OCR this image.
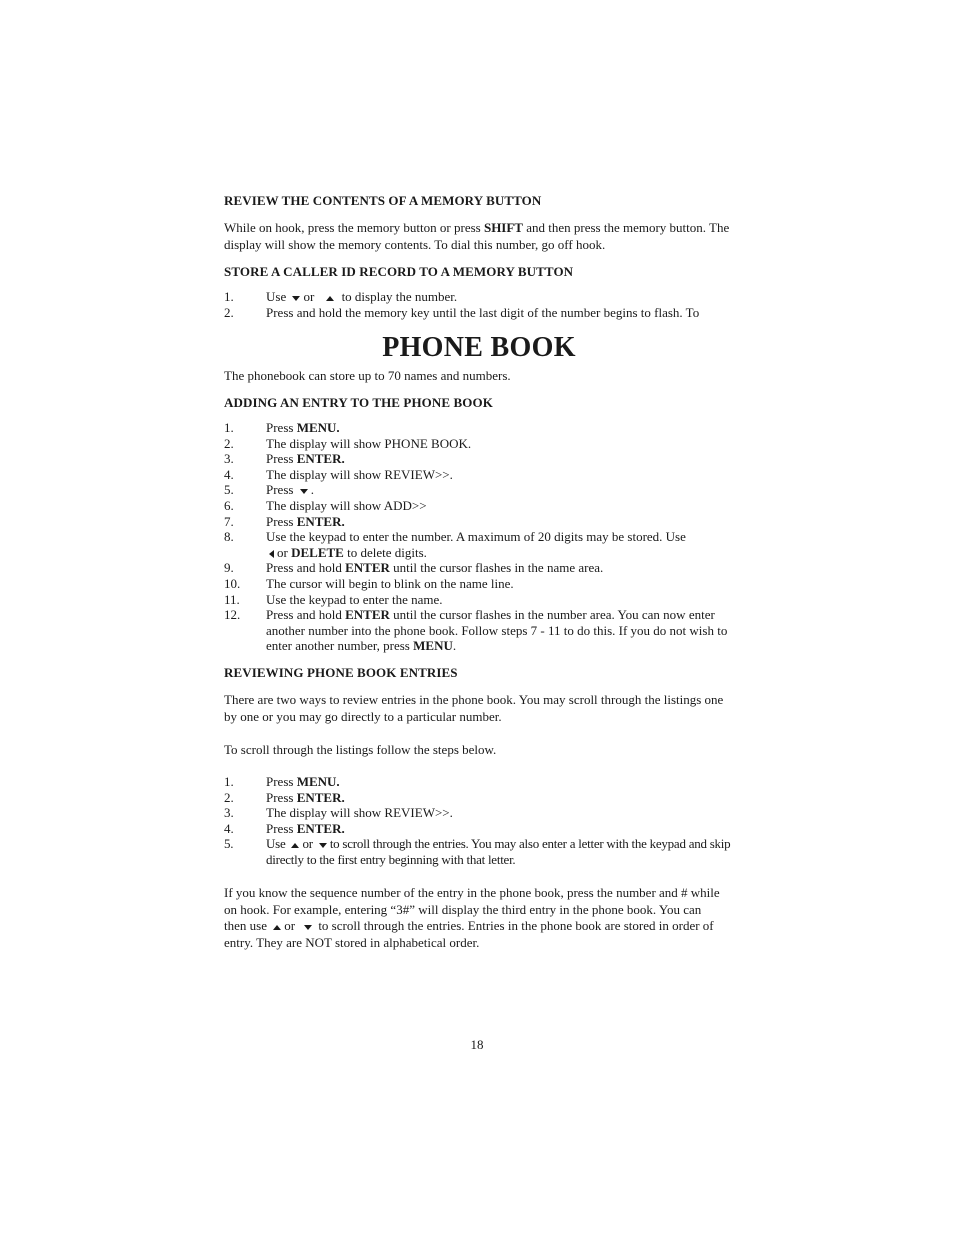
REVIEW THE CONTENTS OF A MEMORY BUTTON
While on hook, press the memory button or press SHIFT and then press the memory button. The display will show the memory contents. To dial this number, go off hook.
STORE A CALLER ID RECORD TO A MEMORY BUTTON
1. Use or to display the number.
2. Press and hold the memory key until the last digit of the number begins to flash. To
PHONE BOOK
The phonebook can store up to 70 names and numbers.
ADDING AN ENTRY TO THE PHONE BOOK
1. Press MENU.
2. The display will show PHONE BOOK.
3. Press ENTER.
4. The display will show REVIEW>>.
5. Press .
6. The display will show ADD>>
7. Press ENTER.
8. Use the keypad to enter the number. A maximum of 20 digits may be stored. Use
or DELETE to delete digits.
9. Press and hold ENTER until the cursor flashes in the name area.
10. The cursor will begin to blink on the name line.
11. Use the keypad to enter the name.
12. Press and hold ENTER until the cursor flashes in the number area. You can now enter another number into the phone book. Follow steps 7 - 11 to do this. If you do not wish to enter another number, press MENU.
REVIEWING PHONE BOOK ENTRIES
There are two ways to review entries in the phone book. You may scroll through the listings one by one or you may go directly to a particular number.
To scroll through the listings follow the steps below.
1. Press MENU.
2. Press ENTER.
3. The display will show REVIEW>>.
4. Press ENTER.
5.	Use or to scroll through the entries. You may also enter a letter with the keypad and skip directly to the first entry beginning with that letter.
If you know the sequence number of the entry in the phone book, press the number and # while on hook. For example, entering “3#” will display the third entry in the phone book. You can then use or to scroll through the entries. Entries in the phone book are stored in order of entry. They are NOT stored in alphabetical order.
18
